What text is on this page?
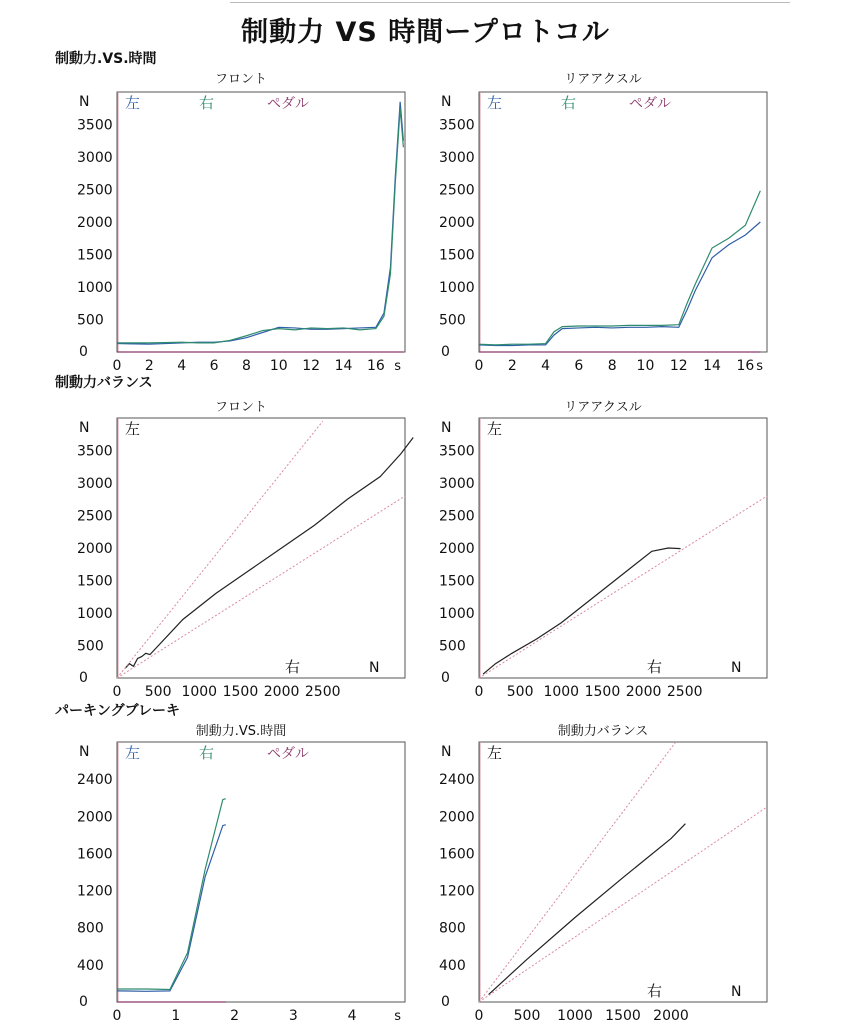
制動力 VS 時間ープロトコル
制動力.VS.時間
制動力バランス
パーキングブレーキ
フロント
N
500
1000
1500
2000
2500
3000
3500
0
0 2 4 6 8 10 12 14 16 s
左	右	ペダル
リアアクスル
N
500
1000
1500
2000
2500
3000
3500
0
0 2 4 6 8 10 12 14 16 s
左	右	ペダル
フロント
N
500
1000
1500
2000
2500
3000
3500
0
0 500 1000 1500 2000 2500
N
左
右
リアアクスル
N
500
1000
1500
2000
2500
3000
3500
0
0 500 1000 1500 2000 2500
N
左
右
制動力.VS.時間
N
400
800
1200
1600
2000
2400
0
0	1	2	3	4	s
左	右	ペダル
制動力バランス
N
400
800
1200
1600
2000
2400
0
0 500 1000 1500 2000
N
左
右
